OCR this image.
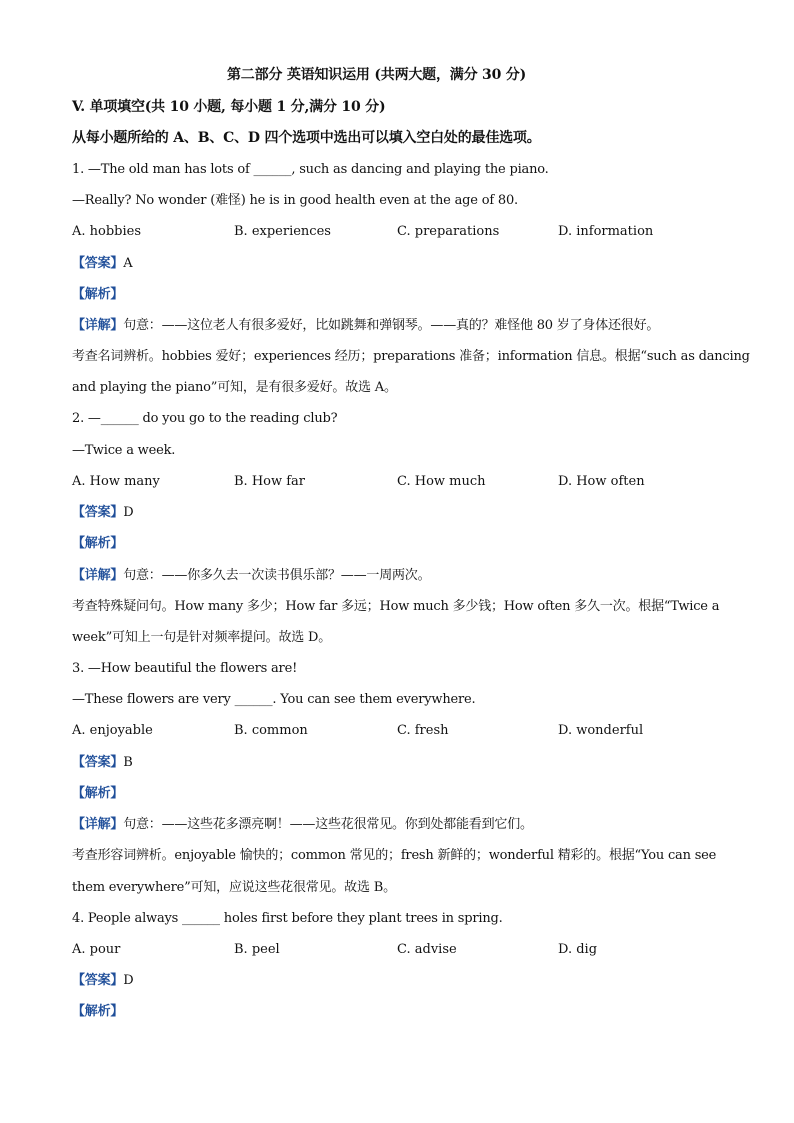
第二部分 英语知识运用 (共两大题，满分 30 分)
V. 单项填空(共 10 小题, 每小题 1 分,满分 10 分)
从每小题所给的 A、B、C、D 四个选项中选出可以填入空白处的最佳选项。
1. —The old man has lots of ______, such as dancing and playing the piano.
—Really? No wonder (难怪) he is in good health even at the age of 80.
A. hobbies	B. experiences	C. preparations	D. information
【答案】A
【解析】
【详解】句意：——这位老人有很多爱好，比如跳舞和弹钢琴。——真的？难怪他 80 岁了身体还很好。
考查名词辨析。hobbies 爱好；experiences 经历；preparations 准备；information 信息。根据“such as dancing
and playing the piano”可知，是有很多爱好。故选 A。
2. —______ do you go to the reading club?
—Twice a week.
A. How many	B. How far	C. How much	D. How often
【答案】D
【解析】
【详解】句意：——你多久去一次读书俱乐部？——一周两次。
考查特殊疑问句。How many 多少；How far 多远；How much 多少钱；How often 多久一次。根据“Twice a
week”可知上一句是针对频率提问。故选 D。
3. —How beautiful the flowers are!
—These flowers are very ______. You can see them everywhere.
A. enjoyable	B. common	C. fresh	D. wonderful
【答案】B
【解析】
【详解】句意：——这些花多漂亮啊！——这些花很常见。你到处都能看到它们。
考查形容词辨析。enjoyable 愉快的；common 常见的；fresh 新鲜的；wonderful 精彩的。根据“You can see
them everywhere”可知，应说这些花很常见。故选 B。
4. People always ______ holes first before they plant trees in spring.
A. pour	B. peel	C. advise	D. dig
【答案】D
【解析】
